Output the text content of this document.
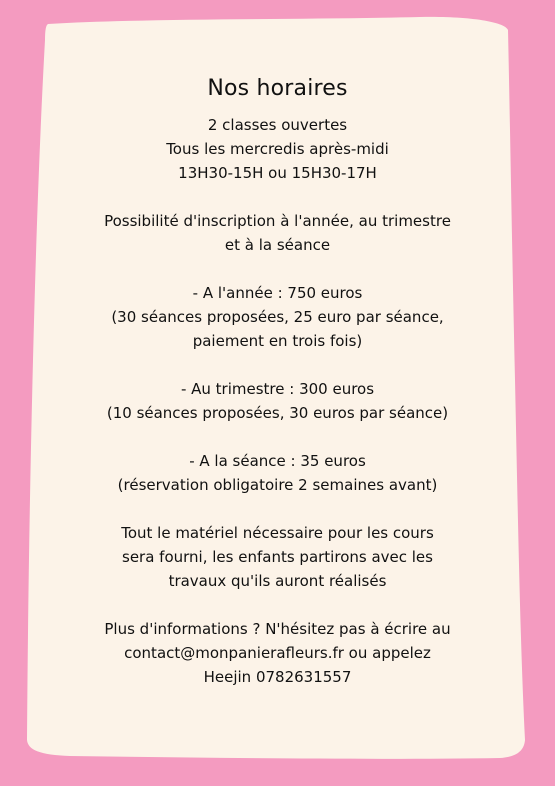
Nos horaires
2 classes ouvertes
Tous les mercredis après-midi
13H30-15H ou 15H30-17H
Possibilité d'inscription à l'année, au trimestre
et à la séance
- A l'année : 750 euros
(30 séances proposées, 25 euro par séance,
paiement en trois fois)
- Au trimestre : 300 euros
(10 séances proposées, 30 euros par séance)
- A la séance : 35 euros
(réservation obligatoire 2 semaines avant)
Tout le matériel nécessaire pour les cours
sera fourni, les enfants partirons avec les
travaux qu'ils auront réalisés
Plus d'informations ? N'hésitez pas à écrire au
contact@monpanierafleurs.fr ou appelez
Heejin 0782631557
